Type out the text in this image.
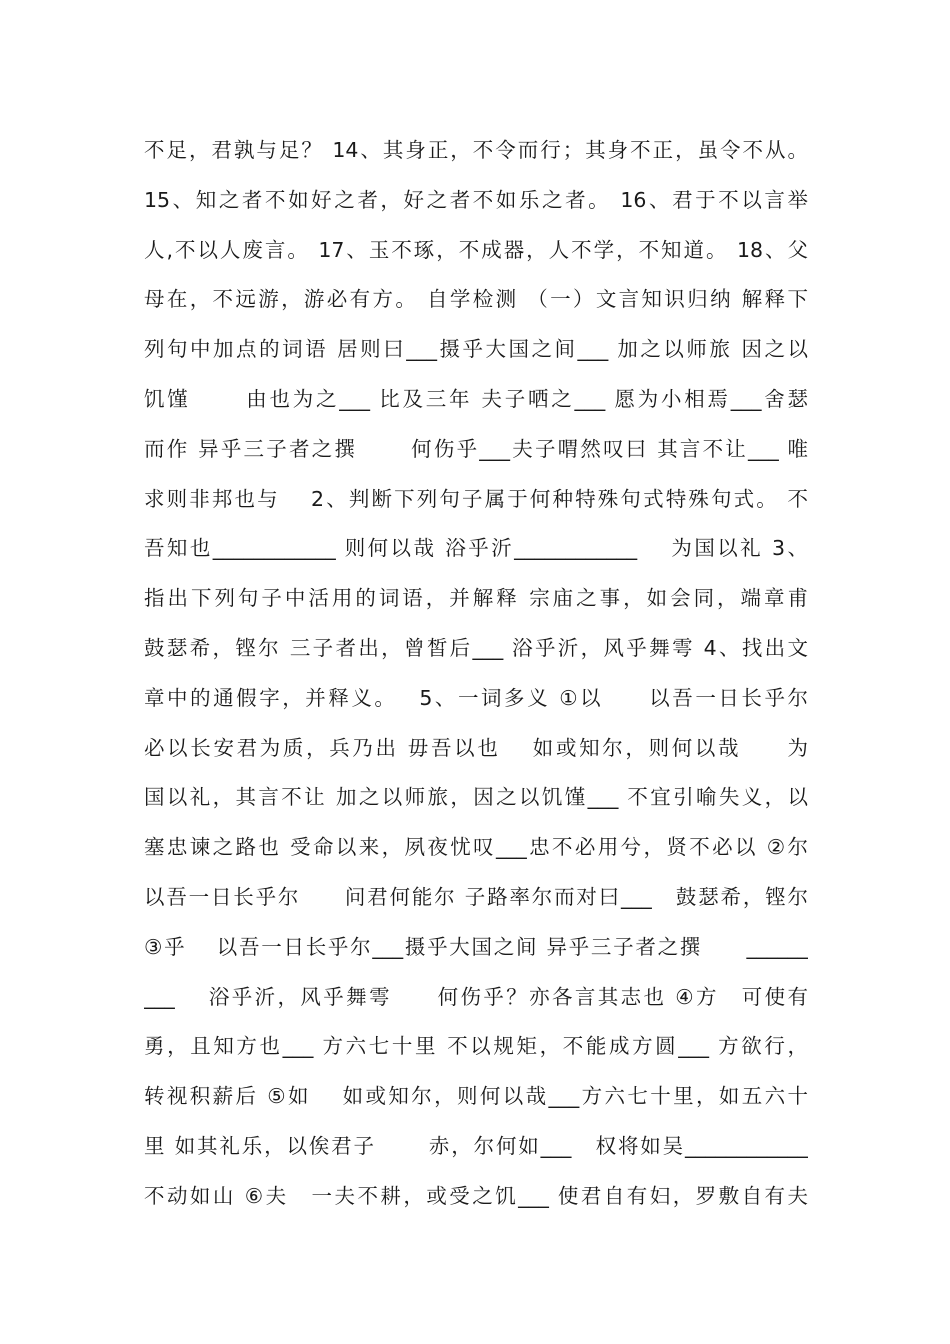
不足，君孰与足？ 14、其身正，不令而行；其身不正，虽令不从。
15、知之者不如好之者，好之者不如乐之者。 16、君于不以言举
人,不以人废言。 17、玉不琢，不成器，人不学，不知道。 18、父
母在，不远游，游必有方。 自学检测 （一）文言知识归纳 解释下
列句中加点的词语 居则曰___摄乎大国之间___ 加之以师旅 因之以
饥馑　　 由也为之___ 比及三年 夫子哂之___ 愿为小相焉___舍瑟
而作 异乎三子者之撰　　 何伤乎___夫子喟然叹曰 其言不让___ 唯
求则非邦也与　 2、判断下列句子属于何种特殊句式特殊句式。 不
吾知也____________ 则何以哉 浴乎沂____________　 为国以礼 3、
指出下列句子中活用的词语，并解释 宗庙之事，如会同，端章甫
鼓瑟希，铿尔 三子者出，曾皙后___ 浴乎沂，风乎舞雩 4、找出文
章中的通假字，并释义。　 5、一词多义 ①以　　以吾一日长乎尔
必以长安君为质，兵乃出 毋吾以也　 如或知尔，则何以哉　　为
国以礼，其言不让 加之以师旅，因之以饥馑___ 不宜引喻失义，以
塞忠谏之路也 受命以来，夙夜忧叹___忠不必用兮，贤不必以 ②尔
以吾一日长乎尔　　问君何能尔 子路率尔而对曰___　鼓瑟希，铿尔
③乎　 以吾一日长乎尔___摄乎大国之间 异乎三子者之撰　　______
___　 浴乎沂，风乎舞雩　　何伤乎？亦各言其志也 ④方　可使有
勇，且知方也___ 方六七十里 不以规矩，不能成方圆___ 方欲行，
转视积薪后 ⑤如　 如或知尔，则何以哉___方六七十里，如五六十
里 如其礼乐，以俟君子　　 赤，尔何如___　权将如吴____________
不动如山 ⑥夫　一夫不耕，或受之饥___ 使君自有妇，罗敷自有夫
